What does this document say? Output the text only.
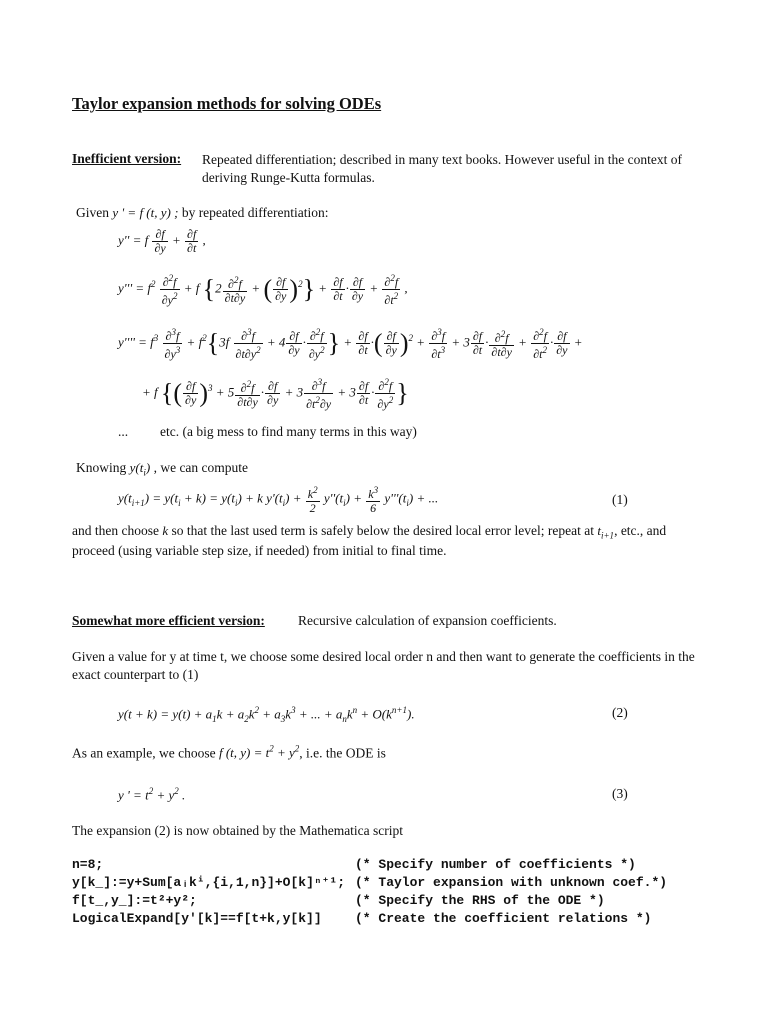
Taylor expansion methods for solving ODEs
Inefficient version: Repeated differentiation; described in many text books. However useful in the context of deriving Runge-Kutta formulas.
Given y ' = f (t, y) ; by repeated differentiation:
y'' = f $\frac{\partial f}{\partial y} + \frac{\partial f}{\partial t}$ ,
$y''' = f^2 \frac{\partial^2f}{\partial y^2} + f$ {$2 \frac{\partial^2f}{\partial t\partial y}$ + ( $\frac{\partial f}{\partial y} )^2\} + \frac{\partial f}{\partial t} \cdot \frac{\partial f}{\partial y} + \frac{\partial^2f}{\partial t^2}$ ,
$y'''' = f^3 \frac{\partial^3f}{\partial y^3} + f^2\{3f \frac{\partial^3f}{\partial t\partial y^2} + 4 \frac{\partial f}{\partial y} \cdot \frac{\partial^2f}{\partial y^2}$ } + $\frac{\partial f}{\partial t}$ ·( $\frac{\partial f}{\partial y} )^2 + \frac{\partial^3f}{\partial t^3} + 3 \frac{\partial f}{\partial t} \cdot \frac{\partial^2f}{\partial t\partial y} + \frac{\partial^2f}{\partial t^2} \cdot \frac{\partial f}{\partial y}$ +
+ f {( $\frac{\partial f}{\partial y} )^3 + 5 \frac{\partial^2f}{\partial t\partial y} \cdot \frac{\partial f}{\partial y} + 3 \frac{\partial^3f}{\partial t^2\partial y} + 3 \frac{\partial f}{\partial t} \cdot \frac{\partial^2f}{\partial y^2}$ }
... etc. (a big mess to find many terms in this way)
Knowing $y(t_i)$ , we can compute
$y(t_{i+1}) = y(t_i + k) = y(t_i) + k$ $y'(t_i) + \frac{k^2}{2} y''(t_i) + \frac{k^3}{6} y'''(t_i)$ + ...	(1)
and then choose k so that the last used term is safely below the desired local error level; repeat at $t_{i+1}$, etc., and
proceed (using variable step size, if needed) from initial to final time.
Somewhat more efficient version: Recursive calculation of expansion coefficients.
Given a value for y at time t, we choose some desired local order n and then want to generate the coefficients in the exact counterpart to (1)
$y(t + k) = y(t) + a_1k + a_2k^2 + a_3k^3$ + ... + $a_nk^n + O(k^{n+1})$.	(2)
As an example, we choose f (t, $y) = t^2 + y^2$, i.e. the ODE is
y ' = $t^2 + y^2$ .	(3)
The expansion (2) is now obtained by the Mathematica script
n=8;	(* Specify number of coefficients *)
y[k_]:=y+Sum[aᵢkⁱ,{i,1,n}]+O[k]ⁿ⁺¹; (* Taylor expansion with unknown coef.*)
f[t_,y_]:=t²+y²;	(* Specify the RHS of the ODE *)
LogicalExpand[y′[k]==f[t+k,y[k]]	(* Create the coefficient relations *)
